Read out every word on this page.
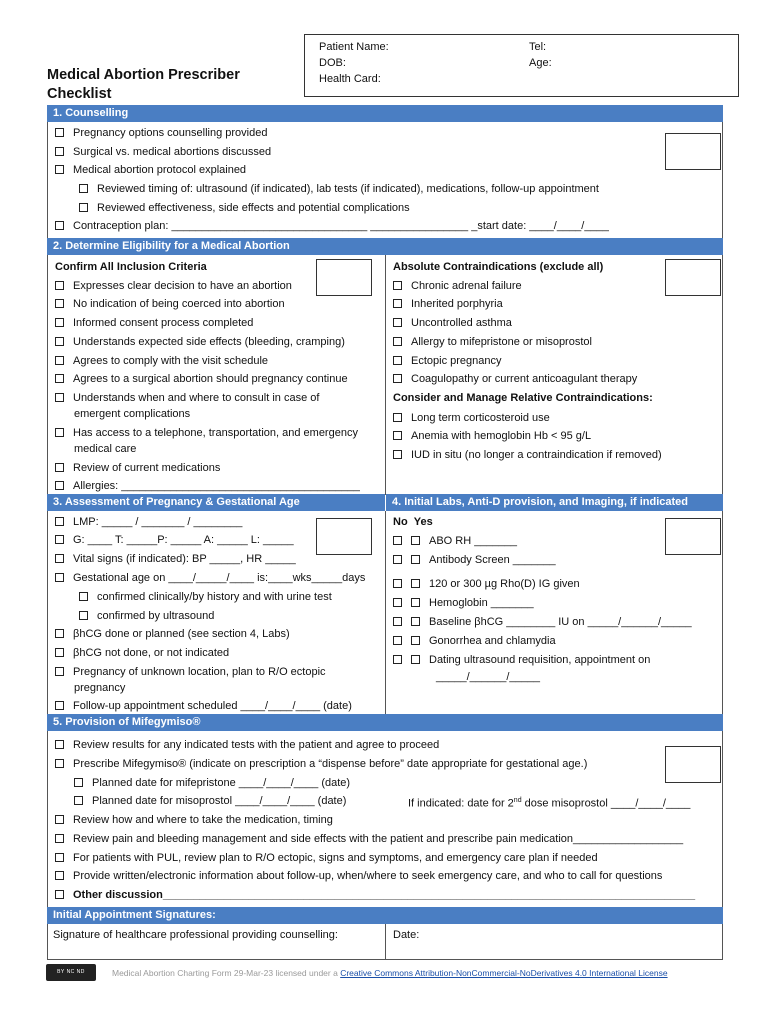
Medical Abortion Prescriber
Checklist
Patient Name:
DOB:
Health Card:
Tel:
Age:
1. Counselling
Pregnancy options counselling provided
Surgical vs. medical abortions discussed
Medical abortion protocol explained
Reviewed timing of: ultrasound (if indicated), lab tests (if indicated), medications, follow-up appointment
Reviewed effectiveness, side effects and potential complications
Contraception plan: ________________________________ ________________ _start date: ____/____/____
2. Determine Eligibility for a Medical Abortion
Confirm All Inclusion Criteria
Expresses clear decision to have an abortion
No indication of being coerced into abortion
Informed consent process completed
Understands expected side effects (bleeding, cramping)
Agrees to comply with the visit schedule
Agrees to a surgical abortion should pregnancy continue
Understands when and where to consult in case of
emergent complications
Has access to a telephone, transportation, and emergency
medical care
Review of current medications
Allergies: _______________________________________
Absolute Contraindications (exclude all)
Chronic adrenal failure
Inherited porphyria
Uncontrolled asthma
Allergy to mifepristone or misoprostol
Ectopic pregnancy
Coagulopathy or current anticoagulant therapy
Consider and Manage Relative Contraindications:
Long term corticosteroid use
Anemia with hemoglobin Hb < 95 g/L
IUD in situ (no longer a contraindication if removed)
3. Assessment of Pregnancy & Gestational Age	4. Initial Labs, Anti-D provision, and Imaging, if indicated
LMP: _____ / _______ / ________
G: ____ T: _____P: _____ A: _____ L: _____
Vital signs (if indicated): BP _____, HR _____
Gestational age on ____/_____/____ is:____wks_____days
confirmed clinically/by history and with urine test
confirmed by ultrasound
βhCG done or planned (see section 4, Labs)
βhCG not done, or not indicated
Pregnancy of unknown location, plan to R/O ectopic
pregnancy
Follow-up appointment scheduled ____/____/____ (date)
No Yes
ABO RH _______
Antibody Screen _______
120 or 300 µg Rho(D) IG given
Hemoglobin _______
Baseline βhCG ________ IU on _____/______/_____
Gonorrhea and chlamydia
Dating ultrasound requisition, appointment on
_____/______/_____
5. Provision of Mifegymiso®
Review results for any indicated tests with the patient and agree to proceed
Prescribe Mifegymiso® (indicate on prescription a “dispense before” date appropriate for gestational age.)
Planned date for mifepristone ____/____/____ (date)
Planned date for misoprostol ____/____/____ (date)	If indicated: date for 2nd dose misoprostol ____/____/____
Review how and where to take the medication, timing
Review pain and bleeding management and side effects with the patient and prescribe pain medication__________________
For patients with PUL, review plan to R/O ectopic, signs and symptoms, and emergency care plan if needed
Provide written/electronic information about follow-up, when/where to seek emergency care, and who to call for questions
Other discussion_______________________________________________________________________________________
Initial Appointment Signatures:
Signature of healthcare professional providing counselling:	Date:
BY NC ND	Medical Abortion Charting Form 29-Mar-23 licensed under a Creative Commons Attribution-NonCommercial-NoDerivatives 4.0 International License
